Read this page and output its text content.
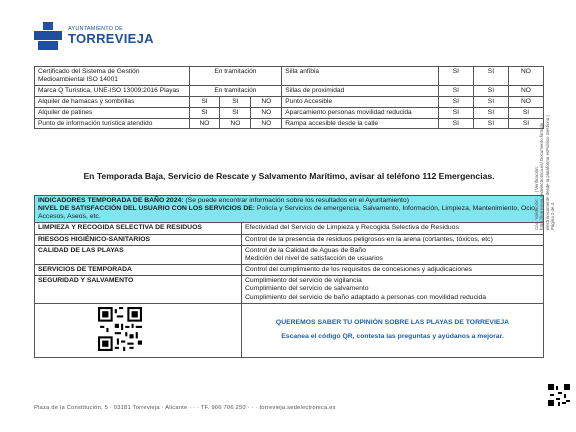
AYUNTAMIENTO DE
TORREVIEJA
Certificado del Sistema de Gestión Medioambiental ISO 14001	En tramitación			Silla anfibia	SI	SI	NO
Marca Q Turística, UNE-ISO 13009:2016 Playas	En tramitación			Sillas de proximidad	SI	SI	NO
Alquiler de hamacas y sombrillas	SI	SI	NO	Punto Accesible	SI	SI	NO
Alquiler de patines	SI	SI	NO	Aparcamiento personas movilidad reducida	SI	SI	SI
Punto de información turística atendido	NO	NO	NO	Rampa accesible desde la calle	SI	SI	SI
En Temporada Baja, Servicio de Rescate y Salvamento Marítimo, avisar al teléfono 112 Emergencias.
INDICADORES TEMPORADA DE BAÑO 2024: (Se puede encontrar información sobre los resultados en el Ayuntamiento)
NIVEL DE SATISFACCIÓN DEL USUARIO CON LOS SERVICIOS DE: Policía y Servicios de emergencia, Salvamento, Información, Limpieza, Mantenimiento, Ocio, Accesos, Aseos, etc.	
LIMPIEZA Y RECOGIDA SELECTIVA DE RESIDUOS	Efectividad del Servicio de Limpieza y Recogida Selectiva de Residuos
RIESGOS HIGIÉNICO-SANITARIOS	Control de la presencia de residuos peligrosos en la arena (cortantes, tóxicos, etc)
CALIDAD DE LAS PLAYAS	Control de la Calidad de Aguas de Baño
Medición del nivel de satisfacción de usuarios

SERVICIOS DE TEMPORADA	Control del cumplimiento de los requisitos de concesiones y adjudicaciones
SEGURIDAD Y SALVAMENTO	Cumplimiento del servicio de vigilancia
Cumplimiento del servicio de salvamento
Cumplimiento del servicio de baño adaptado a personas con movilidad reducida

QUEREMOS SABER TU OPINIÓN SOBRE LAS PLAYAS DE TORREVIEJA
Escanea el código QR, contesta las preguntas y ayúdanos a mejorar.
Plaza de la Constitución, 5 · 03181 Torrevieja · Alicante · · · TF. 966 706 250 · · · torrevieja.sedelectronica.es
Cód. Validación: ... | Verificación: https://torrevieja.sedelectronica.es/ Documento firmado electrónicamente desde la plataforma esPublico Gestiona | Página 2 de 4
